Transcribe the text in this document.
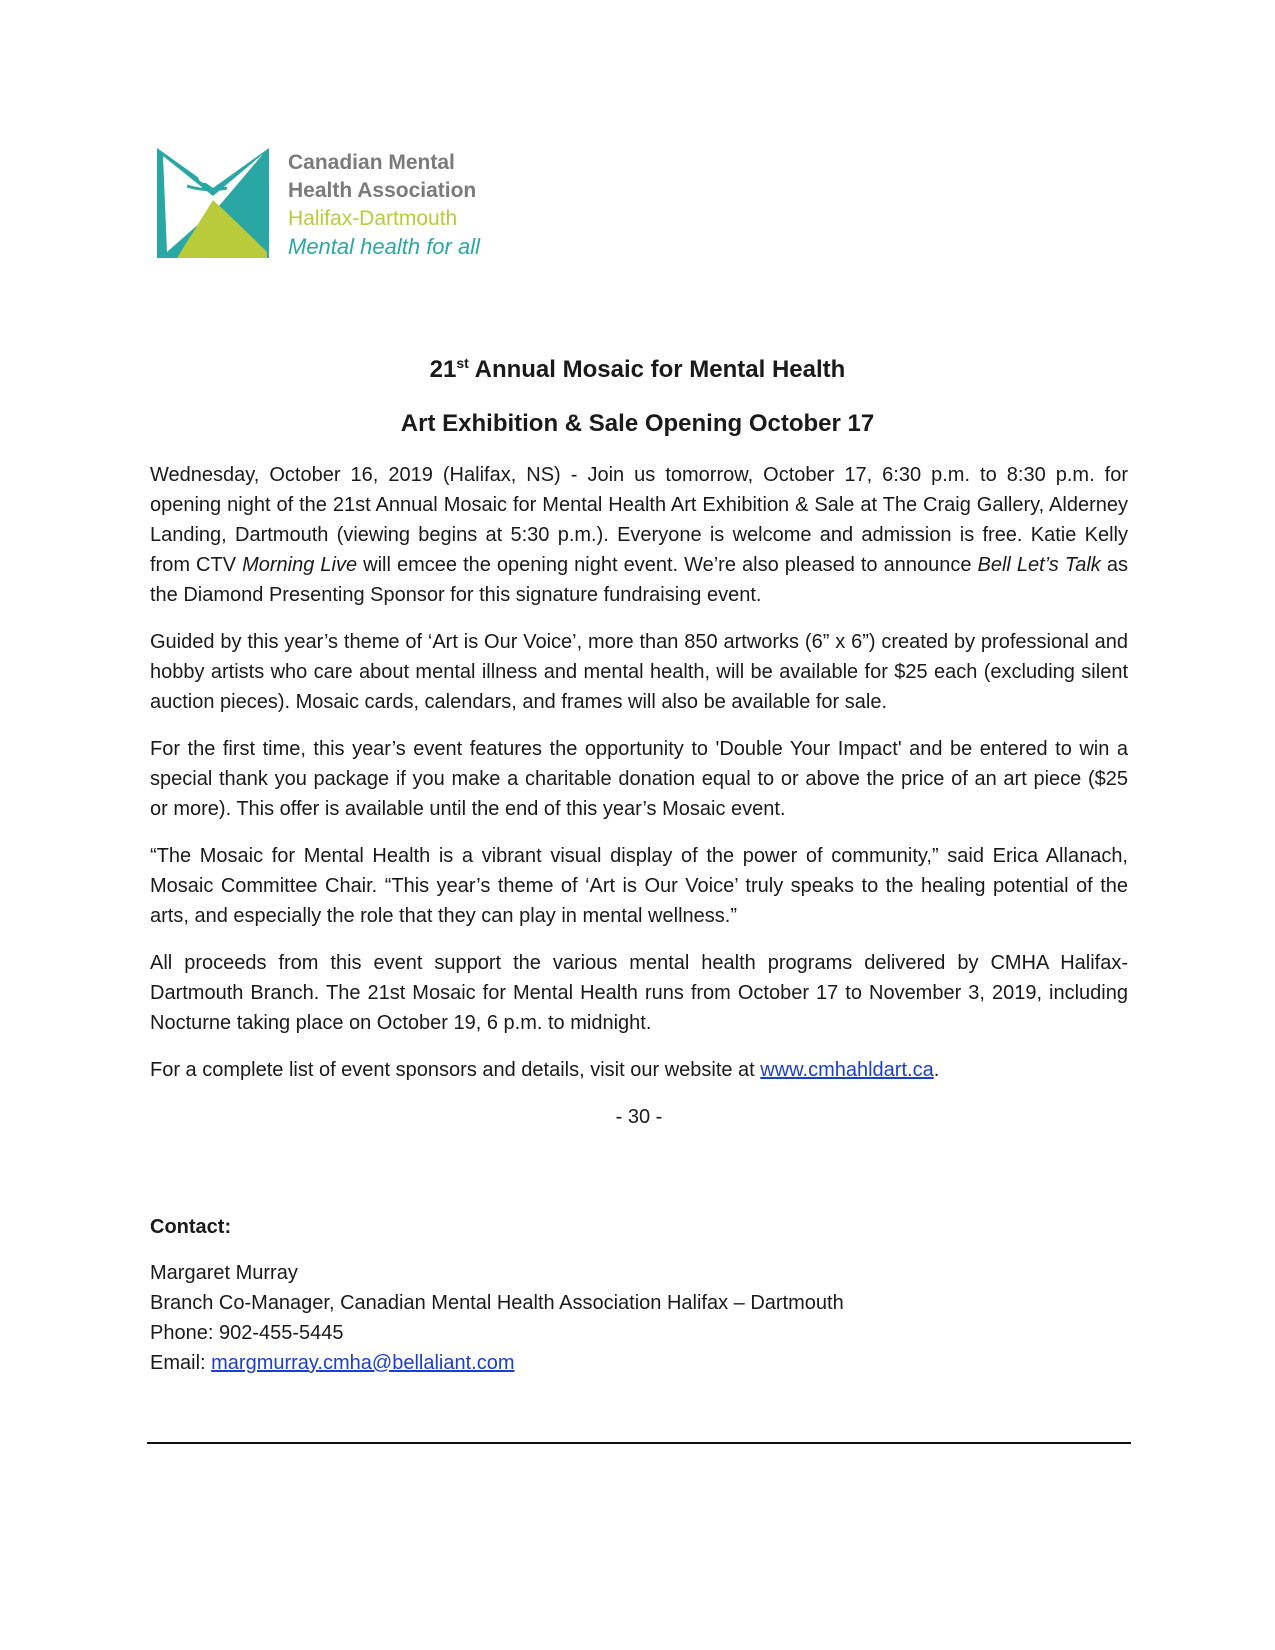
Canadian Mental
Health Association
Halifax-Dartmouth
Mental health for all
21st Annual Mosaic for Mental Health
Art Exhibition & Sale Opening October 17

Wednesday, October 16, 2019 (Halifax, NS) - Join us tomorrow, October 17, 6:30 p.m. to 8:30 p.m. for opening night of the 21st Annual Mosaic for Mental Health Art Exhibition & Sale at The Craig Gallery, Alderney Landing, Dartmouth (viewing begins at 5:30 p.m.). Everyone is welcome and admission is free. Katie Kelly from CTV Morning Live will emcee the opening night event. We’re also pleased to announce Bell Let’s Talk as the Diamond Presenting Sponsor for this signature fundraising event.

Guided by this year’s theme of ‘Art is Our Voice’, more than 850 artworks (6” x 6”) created by professional and hobby artists who care about mental illness and mental health, will be available for $25 each (excluding silent auction pieces). Mosaic cards, calendars, and frames will also be available for sale.

For the first time, this year’s event features the opportunity to 'Double Your Impact' and be entered to win a special thank you package if you make a charitable donation equal to or above the price of an art piece ($25 or more). This offer is available until the end of this year’s Mosaic event.

“The Mosaic for Mental Health is a vibrant visual display of the power of community,” said Erica Allanach, Mosaic Committee Chair. “This year’s theme of ‘Art is Our Voice’ truly speaks to the healing potential of the arts, and especially the role that they can play in mental wellness.”

All proceeds from this event support the various mental health programs delivered by CMHA Halifax-Dartmouth Branch. The 21st Mosaic for Mental Health runs from October 17 to November 3, 2019, including Nocturne taking place on October 19, 6 p.m. to midnight.

For a complete list of event sponsors and details, visit our website at www.cmhahldart.ca.

- 30 -

Contact:
Margaret Murray
Branch Co-Manager, Canadian Mental Health Association Halifax – Dartmouth
Phone: 902-455-5445
Email: margmurray.cmha@bellaliant.com
